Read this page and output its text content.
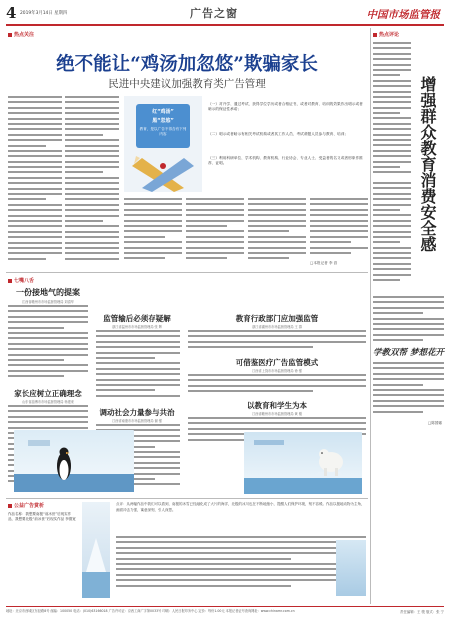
4 2019年3月14日 星期四	广告之窗	中国市场监管报
热点关注
绝不能让“鸡汤加忽悠”欺骗家长
民进中央建议加强教育类广告管理
红“鸡汤”
黑“忽悠”
教育，是以广告不得含有下列内容
（一）对升学、通过考试、获得学位学历或者合格证书，或者对教育、培训的效果作出明示或者暗示的保证性承诺；
（二）明示或者暗示有相关考试机构或者其工作人员、考试命题人员参与教育、培训；
（三）利用科研单位、学术机构、教育机构、行业协会、专业人士、受益者的名义或者形象作推荐、证明。
□本报记者 李 嵩
热点评论
增强群众教育消费安全感
学教双帮 梦想花开
□陈国娜
七嘴八舌
一份接地气的提案
江西省赣州市市场监督管理局 刘清华
家长应树立正确理念
山东省淄博市市场监督管理局 杨建来
监管输后必须存疑解
浙江省温州市市场监督管理局 张 辉
调动社会力量参与共治
江西省南康市市场监督管理局 谢 强
教育行政部门应加强监管
浙江省湖州市市场监督管理局 王 群
可借鉴医疗广告监管模式
江西省上饶市市场监督管理局 徐 强
以教育和学生为本
江西省赣州市市场监督管理局 黄 刚
公益广告赏析
作品名称：我想要南极“前冰世”后现实作品，我想要北极“前冰世”后现实作品 李德宽
点评：从两幅作品中我们可以看到，南极的冰雪已经融化成了大片的海洋，北极的冰川也在不断地缩小，提醒人们保护环境，刻不容缓。作品以极地动物为主角，画面冲击力强，寓意深刻，引人深思。
地址：北京市西城区东经路8号 邮编：100050 电话：(010)63166018 广告许可证：京西工商广字第0033号 印刷：人民日报印务中心 定价：每份1.00元 本报记者证号查询网址：www.chinamr.com.cn	责任编辑：王 骏 版式：张 宁
